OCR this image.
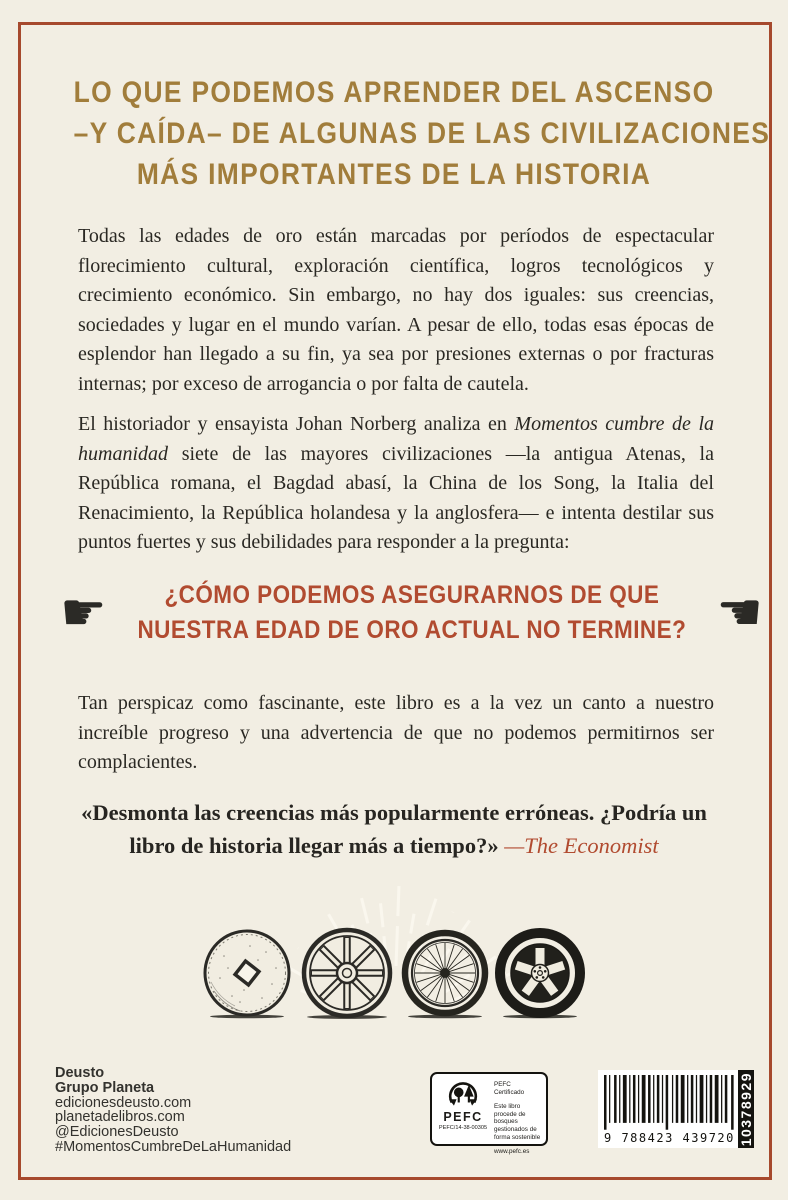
LO QUE PODEMOS APRENDER DEL ASCENSO
–Y CAÍDA– DE ALGUNAS DE LAS CIVILIZACIONES
MÁS IMPORTANTES DE LA HISTORIA

Todas las edades de oro están marcadas por períodos de espectacular florecimiento cultural, exploración científica, logros tecnológicos y crecimiento económico. Sin embargo, no hay dos iguales: sus creencias, sociedades y lugar en el mundo varían. A pesar de ello, todas esas épocas de esplendor han llegado a su fin, ya sea por presiones externas o por fracturas internas; por exceso de arrogancia o por falta de cautela.

El historiador y ensayista Johan Norberg analiza en Momentos cumbre de la humanidad siete de las mayores civilizaciones —la antigua Atenas, la República romana, el Bagdad abasí, la China de los Song, la Italia del Renacimiento, la República holandesa y la anglosfera— e intenta destilar sus puntos fuertes y sus debilidades para responder a la pregunta:

☛	¿CÓMO PODEMOS ASEGURARNOS DE QUE
NUESTRA EDAD DE ORO ACTUAL NO TERMINE? ☚

Tan perspicaz como fascinante, este libro es a la vez un canto a nuestro increíble progreso y una advertencia de que no podemos permitirnos ser complacientes.

«Desmonta las creencias más popularmente erróneas. ¿Podría un libro de historia llegar más a tiempo?» —The Economist
Deusto
Grupo Planeta
edicionesdeusto.com
planetadelibros.com
@EdicionesDeusto
#MomentosCumbreDeLaHumanidad
PEFC
PEFC/14-38-00305
PEFC Certificado
Este libro procede de bosques gestionados de forma sostenible
www.pefc.es
9 788423 439720 10378929
